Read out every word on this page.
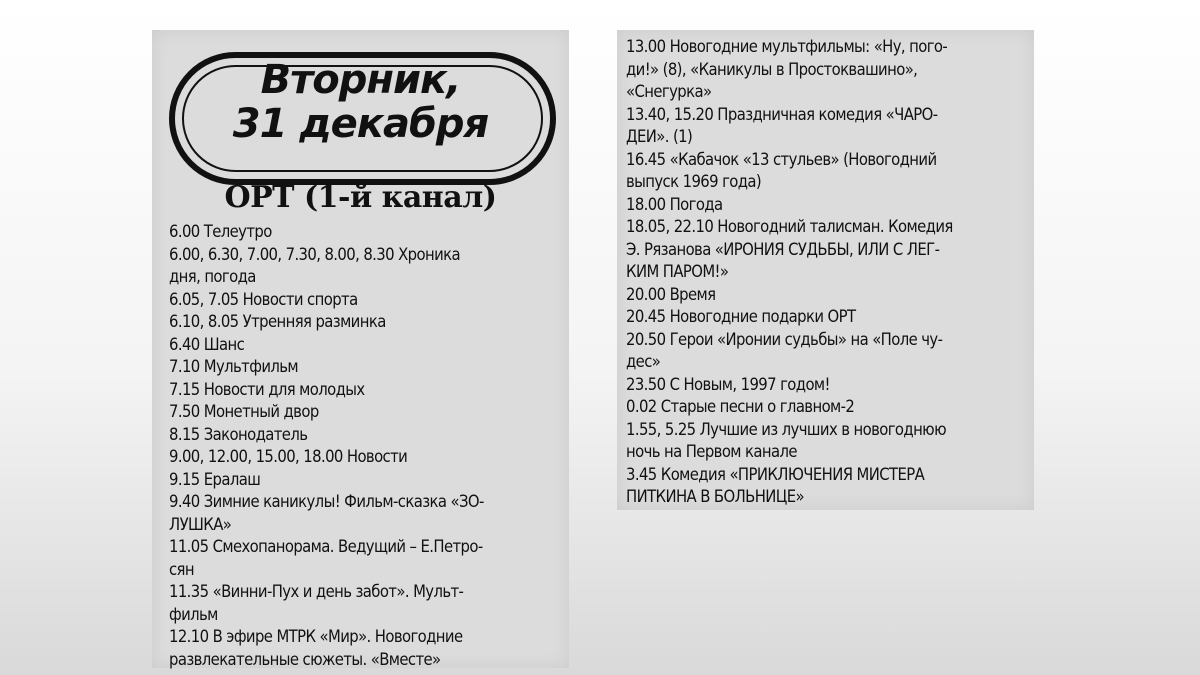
Вторник,
31 декабря
ОРТ (1-й канал)
6.00 Телеутро
6.00, 6.30, 7.00, 7.30, 8.00, 8.30 Хроника
дня, погода
6.05, 7.05 Новости спорта
6.10, 8.05 Утренняя разминка
6.40 Шанс
7.10 Мультфильм
7.15 Новости для молодых
7.50 Монетный двор
8.15 Законодатель
9.00, 12.00, 15.00, 18.00 Новости
9.15 Ералаш
9.40 Зимние каникулы! Фильм-сказка «ЗО-
ЛУШКА»
11.05 Смехопанорама. Ведущий – Е.Петро-
сян
11.35 «Винни-Пух и день забот». Мульт-
фильм
12.10 В эфире МТРК «Мир». Новогодние
развлекательные сюжеты. «Вместе»
13.00 Новогодние мультфильмы: «Ну, пого-
ди!» (8), «Каникулы в Простоквашино»,
«Снегурка»
13.40, 15.20 Праздничная комедия «ЧАРО-
ДЕИ». (1)
16.45 «Кабачок «13 стульев» (Новогодний
выпуск 1969 года)
18.00 Погода
18.05, 22.10 Новогодний талисман. Комедия
Э. Рязанова «ИРОНИЯ СУДЬБЫ, ИЛИ С ЛЕГ-
КИМ ПАРОМ!»
20.00 Время
20.45 Новогодние подарки ОРТ
20.50 Герои «Иронии судьбы» на «Поле чу-
дес»
23.50 С Новым, 1997 годом!
0.02 Старые песни о главном-2
1.55, 5.25 Лучшие из лучших в новогоднюю
ночь на Первом канале
3.45 Комедия «ПРИКЛЮЧЕНИЯ МИСТЕРА
ПИТКИНА В БОЛЬНИЦЕ»
